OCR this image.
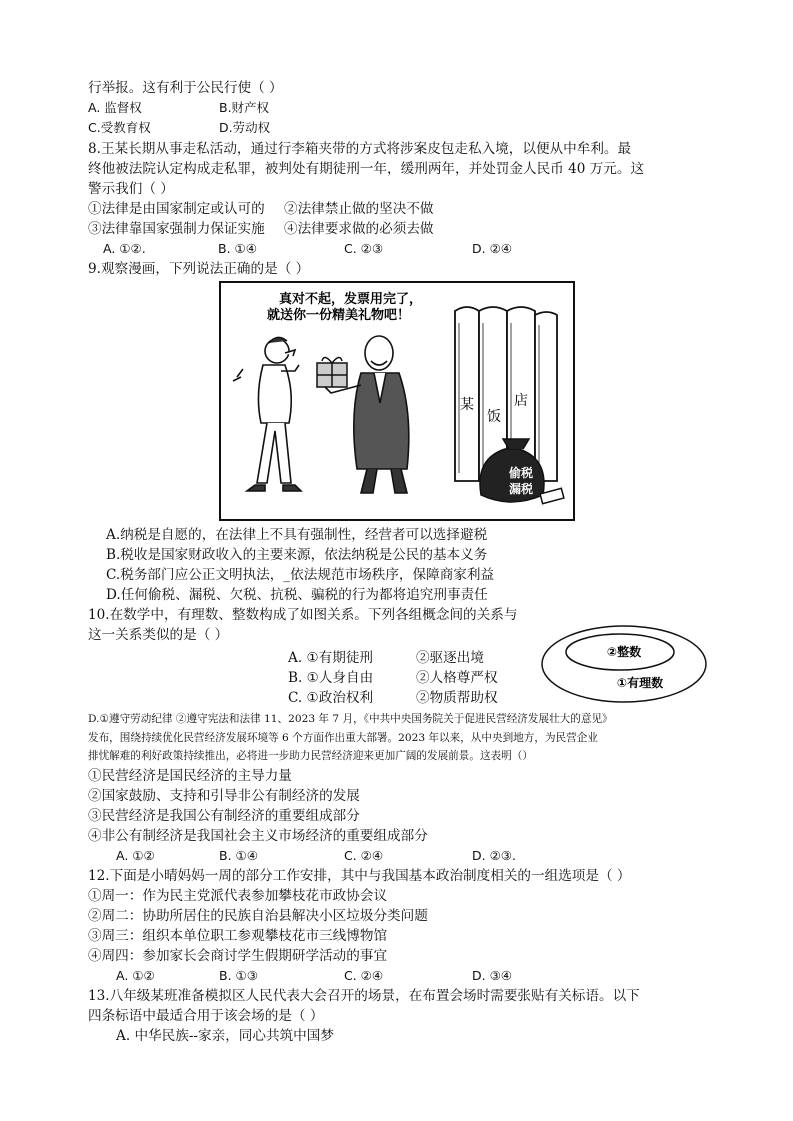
行举报。这有利于公民行使（ ）
A. 监督权	B.财产权
C.受教育权	D.劳动权
8.王某长期从事走私活动，通过行李箱夹带的方式将涉案皮包走私入境，以便从中牟利。最
终他被法院认定构成走私罪，被判处有期徒刑一年，缓刑两年，并处罚金人民币 40 万元。这
警示我们（ ）
①法律是由国家制定或认可的 ②法律禁止做的坚决不做
③法律靠国家强制力保证实施 ④法律要求做的必须去做
A. ①②.	B. ①④	C. ②③	D. ②④
9.观察漫画，下列说法正确的是（ ）
真对不起，发票用完了，
就送你一份精美礼物吧！
某
饭
店
偷税
漏税
A.纳税是自愿的，在法律上不具有强制性，经营者可以选择避税
B.税收是国家财政收入的主要来源，依法纳税是公民的基本义务
C.税务部门应公正文明执法，_依法规范市场秩序，保障商家利益
D.任何偷税、漏税、欠税、抗税、骗税的行为都将追究刑事责任
10.在数学中，有理数、整数构成了如图关系。下列各组概念间的关系与
这一关系类似的是（ ）
②整数
①有理数
A. ①有期徒刑	②驱逐出境
B. ①人身自由	②人格尊严权
C. ①政治权利	②物质帮助权
D.①遵守劳动纪律 ②遵守宪法和法律 11、2023 年 7 月，《中共中央国务院关于促进民营经济发展壮大的意见》
发布，围绕持续优化民营经济发展环境等 6 个方面作出重大部署。2023 年以来，从中央到地方，为民营企业
排忧解难的利好政策持续推出，必将进一步助力民营经济迎来更加广阔的发展前景。这表明（）
①民营经济是国民经济的主导力量
②国家鼓励、支持和引导非公有制经济的发展
③民营经济是我国公有制经济的重要组成部分
④非公有制经济是我国社会主义市场经济的重要组成部分
A. ①②	B. ①④	C. ②④	D. ②③.
12.下面是小晴妈妈一周的部分工作安排，其中与我国基本政治制度相关的一组选项是（ ）
①周一：作为民主党派代表参加攀枝花市政协会议
②周二：协助所居住的民族自治县解决小区垃圾分类问题
③周三：组织本单位职工参观攀枝花市三线博物馆
④周四：参加家长会商讨学生假期研学活动的事宜
A. ①②	B. ①③	C. ②④	D. ③④
13.八年级某班准备模拟区人民代表大会召开的场景，在布置会场时需要张贴有关标语。以下
四条标语中最适合用于该会场的是（ ）
A. 中华民族--家亲，同心共筑中国梦
